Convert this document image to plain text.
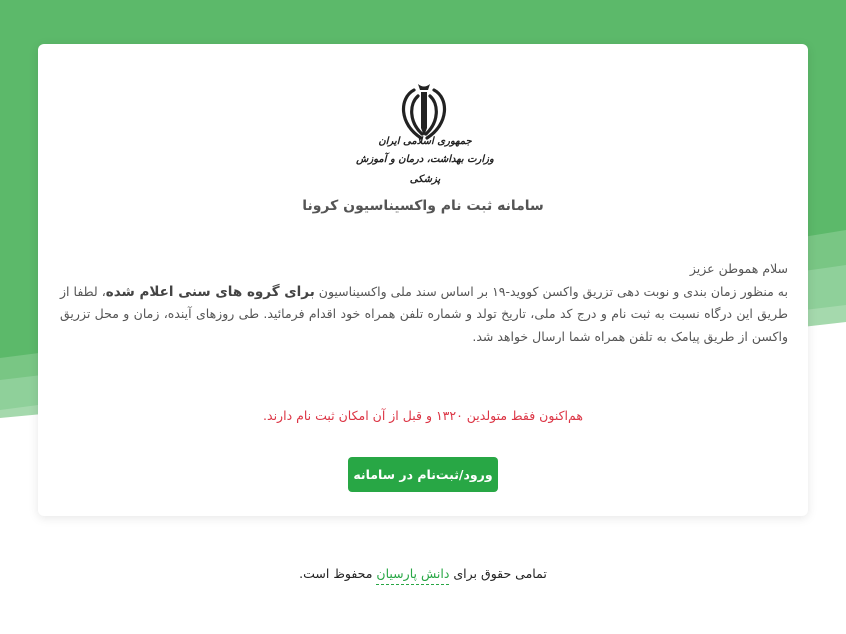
جمهوری اسلامی ایران
وزارت بهداشت، درمان و آموزش پزشکی
سامانه ثبت نام واکسیناسیون کرونا
سلام هموطن عزیز
به منظور زمان بندی و نوبت دهی تزریق واکسن کووید-۱۹ بر اساس سند ملی واکسیناسیون برای گروه های سنی اعلام شده، لطفا از طریق این درگاه نسبت به ثبت نام و درج کد ملی، تاریخ تولد و شماره تلفن همراه خود اقدام فرمائید. طی روزهای آینده، زمان و محل تزریق واکسن از طریق پیامک به تلفن همراه شما ارسال خواهد شد.
هم‌اکنون فقط متولدین ۱۳۲۰ و قبل از آن امکان ثبت نام دارند.
ورود/ثبت‌نام در سامانه
تمامی حقوق برای دانش پارسیان محفوظ است.
